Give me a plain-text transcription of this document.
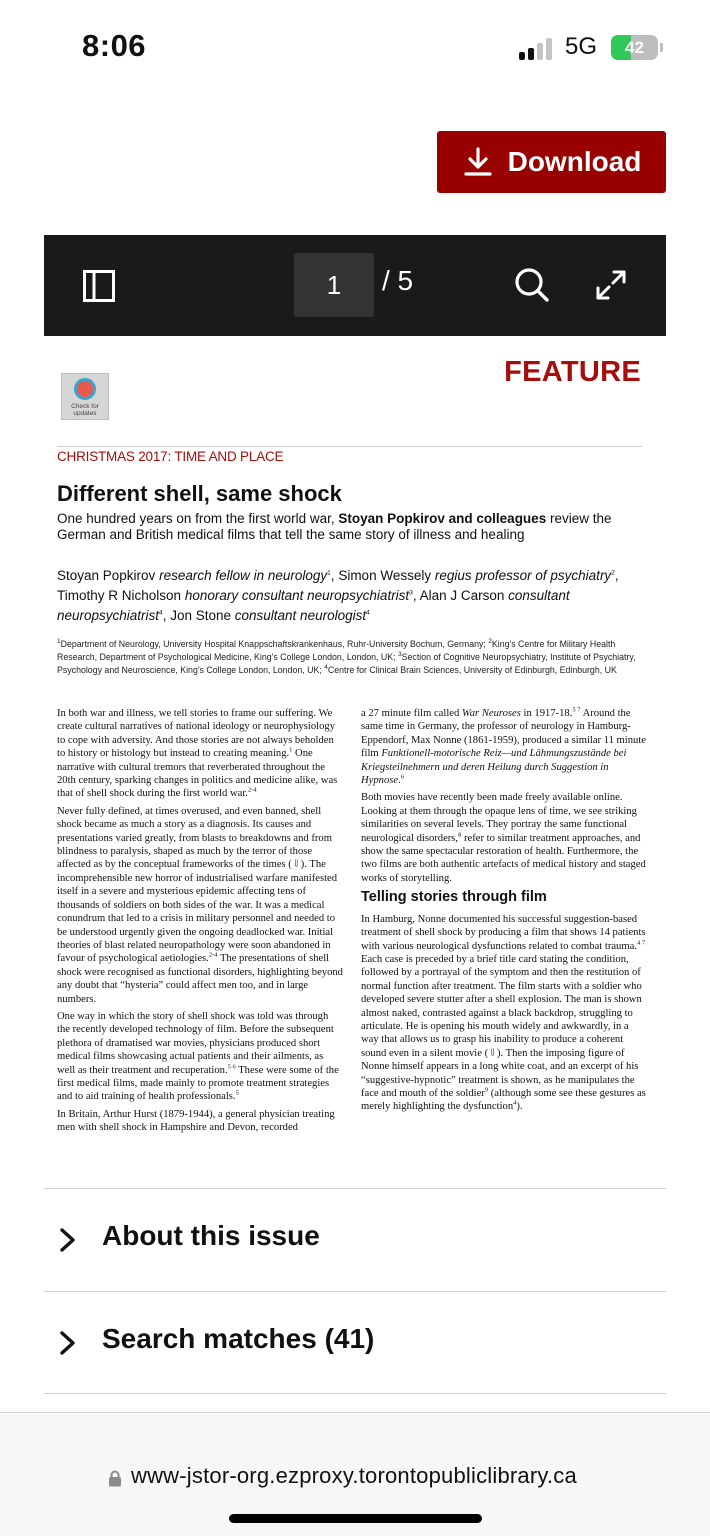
8:06	5G	42
Download
1	/ 5
FEATURE
Check for updates
CHRISTMAS 2017: TIME AND PLACE
Different shell, same shock
One hundred years on from the first world war, Stoyan Popkirov and colleagues review the German and British medical films that tell the same story of illness and healing
Stoyan Popkirov research fellow in neurology$^1$, Simon Wessely regius professor of psychiatry$^2$, Timothy R Nicholson honorary consultant neuropsychiatrist$^3$, Alan J Carson consultant neuropsychiatrist$^4$, Jon Stone consultant neurologist$^4$
$^1$Department of Neurology, University Hospital Knappschaftskrankenhaus, Ruhr-University Bochum, Germany; $^2$King's Centre for Military Health Research, Department of Psychological Medicine, King's College London, London, UK; $^3$Section of Cognitive Neuropsychiatry, Institute of Psychiatry, Psychology and Neuroscience, King's College London, London, UK; $^4$Centre for Clinical Brain Sciences, University of Edinburgh, Edinburgh, UK

In both war and illness, we tell stories to frame our suffering. We create cultural narratives of national ideology or neurophysiology to cope with adversity. And those stories are not always beholden to history or histology but instead to creating meaning.$^1$ One narrative with cultural tremors that reverberated throughout the 20th century, sparking changes in politics and medicine alike, was that of shell shock during the first world war.$^{2-4}$

Never fully defined, at times overused, and even banned, shell shock became as much a story as a diagnosis. Its causes and presentations varied greatly, from blasts to breakdowns and from blindness to paralysis, shaped as much by the terror of those affected as by the conceptual frameworks of the times (⇓). The incomprehensible new horror of industrialised warfare manifested itself in a severe and mysterious epidemic affecting tens of thousands of soldiers on both sides of the war. It was a medical conundrum that led to a crisis in military personnel and needed to be understood urgently given the ongoing deadlocked war. Initial theories of blast related neuropathology were soon abandoned in favour of psychological aetiologies.$^{2-4}$ The presentations of shell shock were recognised as functional disorders, highlighting beyond any doubt that “hysteria” could affect men too, and in large numbers.

One way in which the story of shell shock was told was through the recently developed technology of film. Before the subsequent plethora of dramatised war movies, physicians produced short medical films showcasing actual patients and their ailments, as well as their treatment and recuperation.$^{5 6}$ These were some of the first medical films, made mainly to promote treatment strategies and to aid training of health professionals.$^5$

In Britain, Arthur Hurst (1879-1944), a general physician treating men with shell shock in Hampshire and Devon, recorded

a 27 minute film called War Neuroses in 1917-18.$^{5 7}$ Around the same time in Germany, the professor of neurology in Hamburg-Eppendorf, Max Nonne (1861-1959), produced a similar 11 minute film Funktionell-motorische Reiz—und Lähmungszustände bei Kriegsteilnehmern und deren Heilung durch Suggestion in Hypnose.$^6$

Both movies have recently been made freely available online. Looking at them through the opaque lens of time, we see striking similarities on several levels. They portray the same functional neurological disorders,$^8$ refer to similar treatment approaches, and show the same spectacular restoration of health. Furthermore, the two films are both authentic artefacts of medical history and staged works of storytelling.

Telling stories through film

In Hamburg, Nonne documented his successful suggestion-based treatment of shell shock by producing a film that shows 14 patients with various neurological dysfunctions related to combat trauma.$^{4 7}$ Each case is preceded by a brief title card stating the condition, followed by a portrayal of the symptom and then the restitution of normal function after treatment. The film starts with a soldier who developed severe stutter after a shell explosion. The man is shown almost naked, contrasted against a black backdrop, struggling to articulate. He is opening his mouth widely and awkwardly, in a way that allows us to grasp his inability to produce a coherent sound even in a silent movie (⇓). Then the imposing figure of Nonne himself appears in a long white coat, and an excerpt of his “suggestive-hypnotic” treatment is shown, as he manipulates the face and mouth of the soldier$^9$ (although some see these gestures as merely highlighting the dysfunction$^4$).

About this issue
Search matches (41)
www-jstor-org.ezproxy.torontopubliclibrary.ca
